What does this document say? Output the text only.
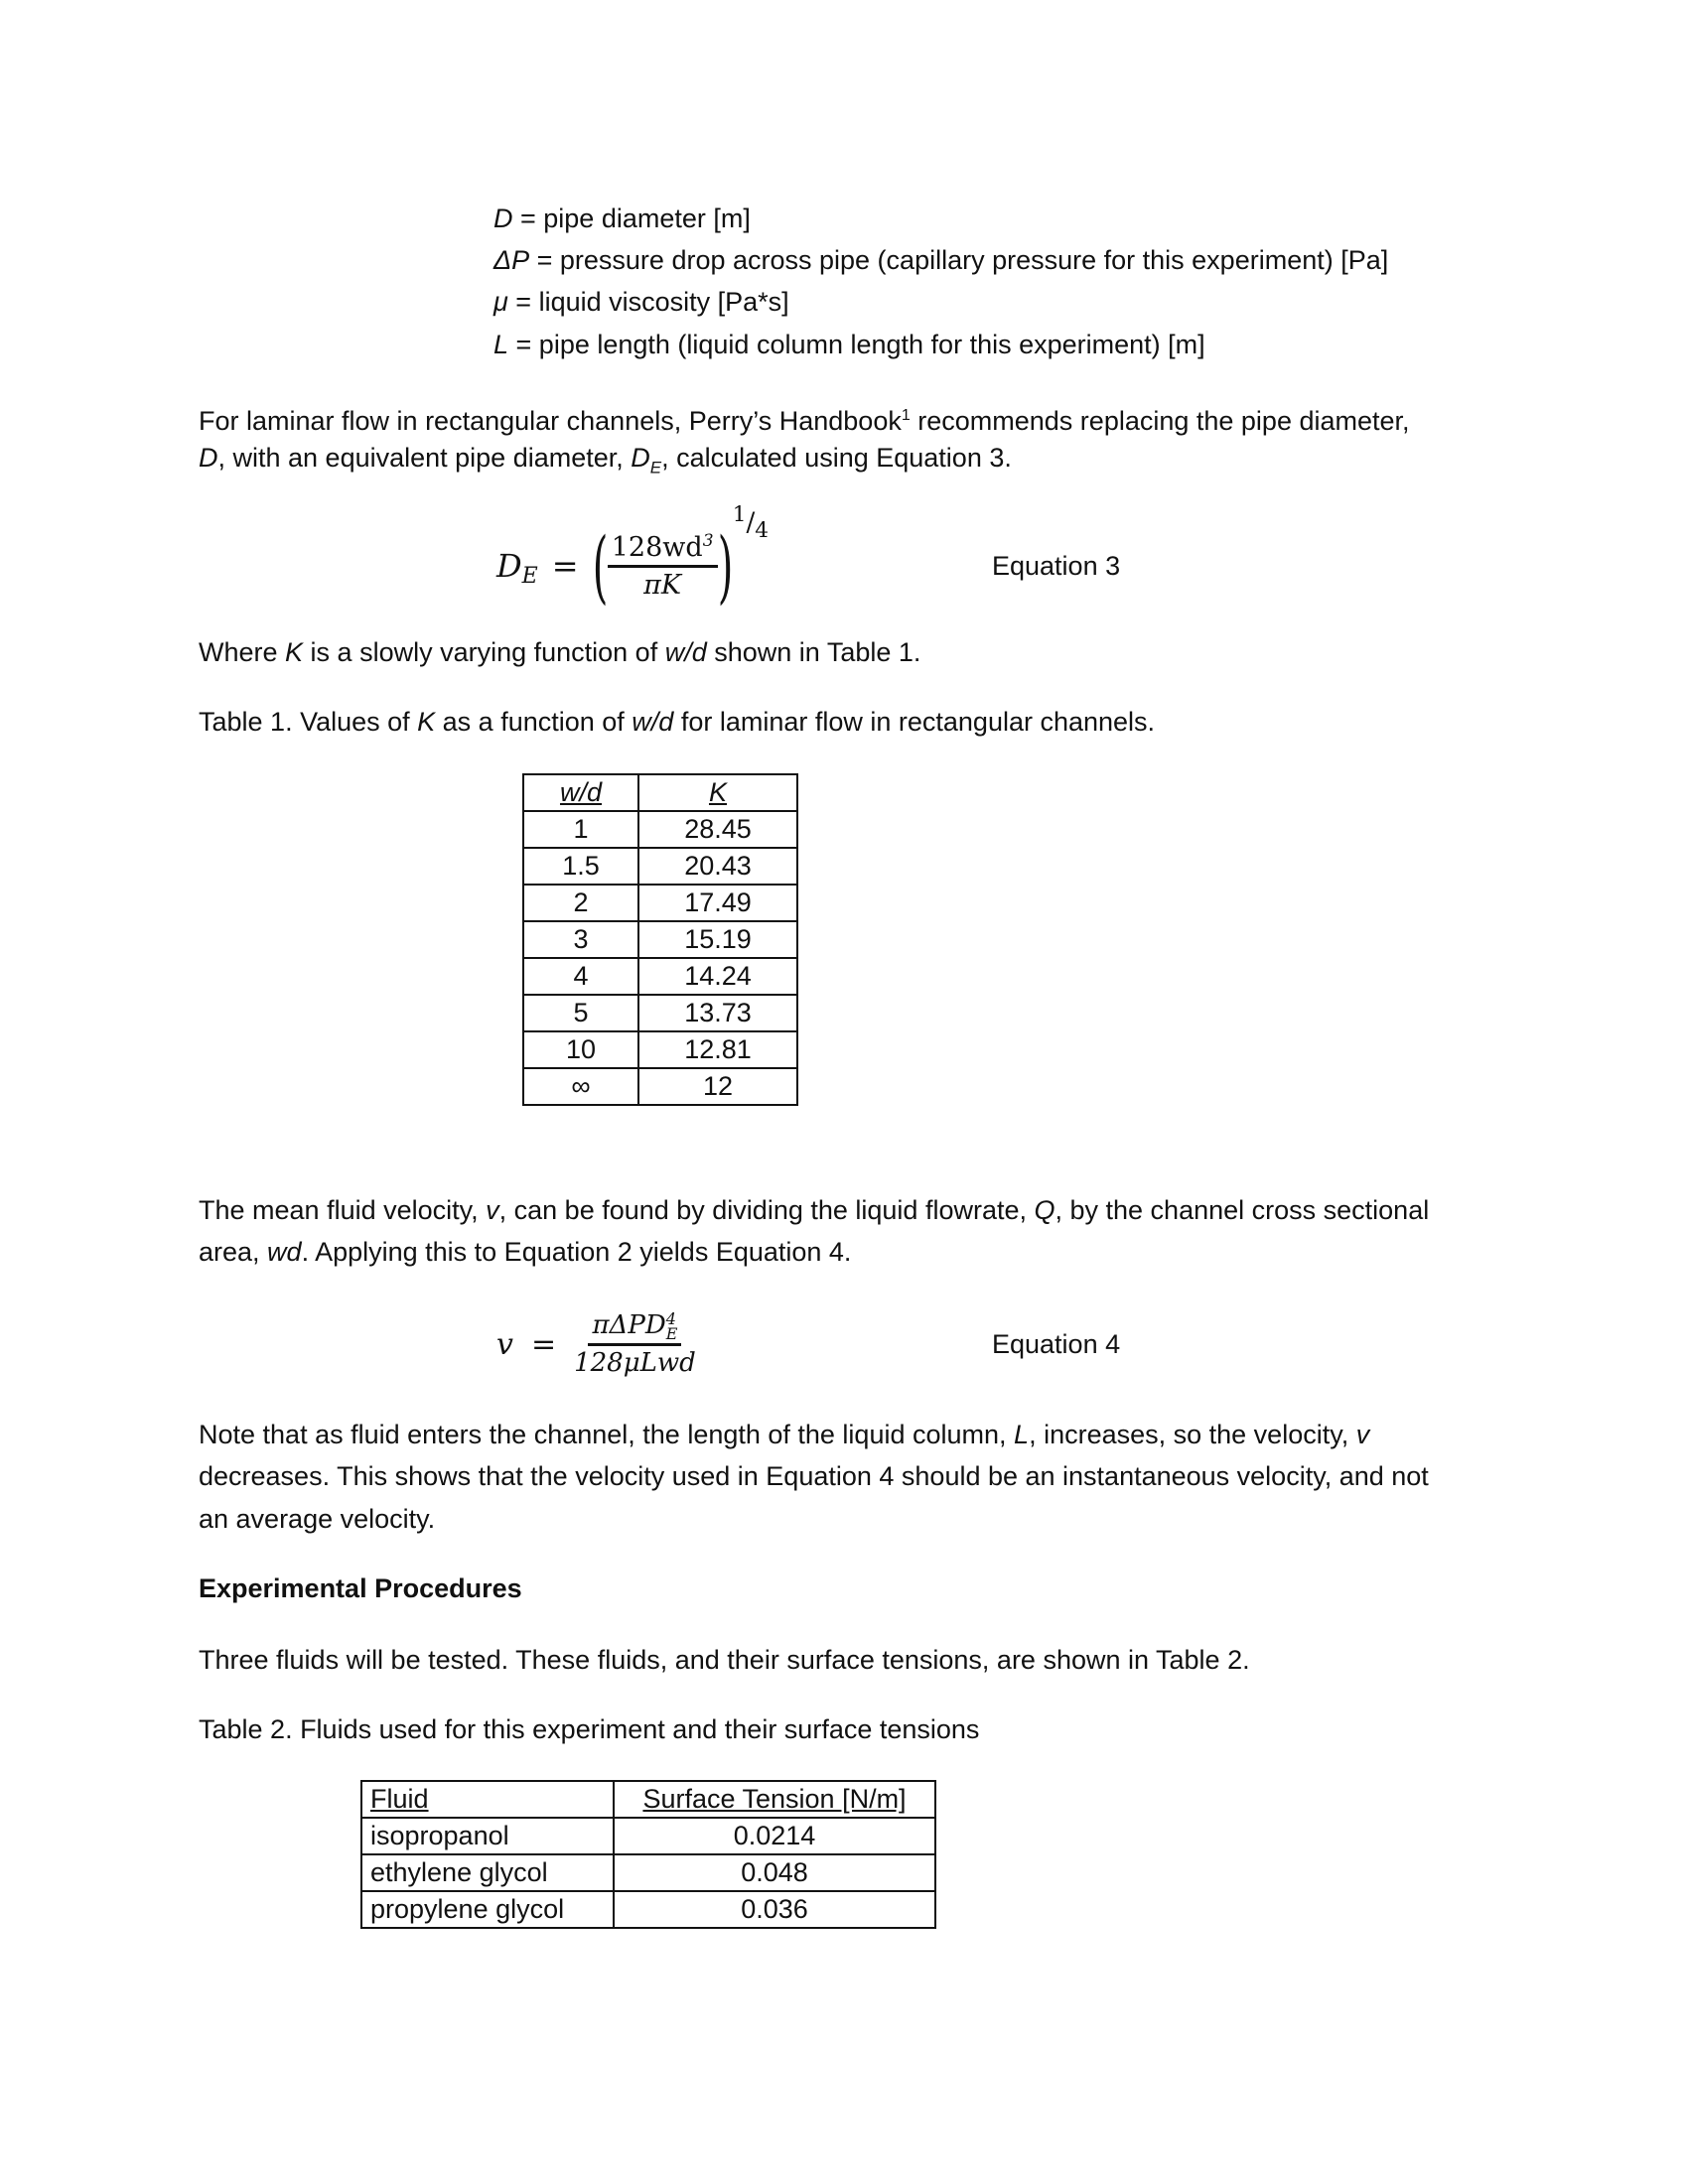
D = pipe diameter [m]
ΔP = pressure drop across pipe (capillary pressure for this experiment) [Pa]
μ = liquid viscosity [Pa*s]
L = pipe length (liquid column length for this experiment) [m]
For laminar flow in rectangular channels, Perry’s Handbook$^1$ recommends replacing the pipe diameter,
D, with an equivalent pipe diameter, $D_E$, calculated using Equation 3.
$D_E$ = ( $\frac{128wd^3}{\pi K}$ )
$^1/_4$
Equation 3
Where K is a slowly varying function of w/d shown in Table 1.
Table 1. Values of K as a function of w/d for laminar flow in rectangular channels.
w/d	K
1	28.45
1.5	20.43
2	17.49
3	15.19
4	14.24
5	13.73
10	12.81
∞	12
The mean fluid velocity, v, can be found by dividing the liquid flowrate, Q, by the channel cross sectional
area, wd. Applying this to Equation 2 yields Equation 4.
v = πΔPD 4
E
128μLwd	Equation 4
Note that as fluid enters the channel, the length of the liquid column, L, increases, so the velocity, v
decreases. This shows that the velocity used in Equation 4 should be an instantaneous velocity, and not
an average velocity.
Experimental Procedures
Three fluids will be tested. These fluids, and their surface tensions, are shown in Table 2.
Table 2. Fluids used for this experiment and their surface tensions
Fluid	Surface Tension [N/m]
isopropanol	0.0214
ethylene glycol	0.048
propylene glycol	0.036
